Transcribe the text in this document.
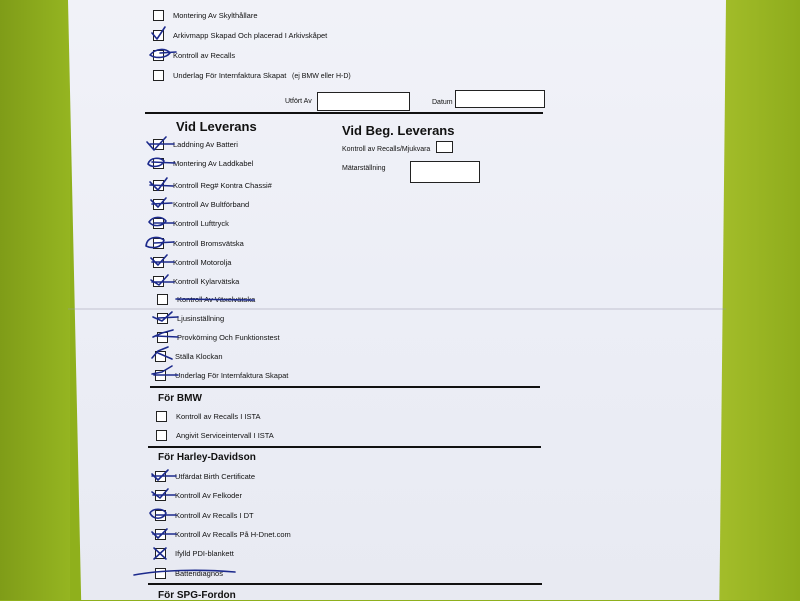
Montering Av Skylthållare
Arkivmapp Skapad Och placerad I Arkivskåpet
Kontroll av Recalls
Underlag För Internfaktura Skapat (ej BMW eller H-D)
Utfört Av	Datum
Vid Leverans	Vid Beg. Leverans
Laddning Av Batteri
Montering Av Laddkabel
Kontroll Reg# Kontra Chassi#
Kontroll Av Bultförband
Kontroll Lufttryck
Kontroll Bromsvätska
Kontroll Motorolja
Kontroll Kylarvätska
Kontroll Av Växelvätska
Ljusinställning
Provkörning Och Funktionstest
Ställa Klockan
Underlag För Internfaktura Skapat
Kontroll av Recalls/Mjukvara
Mätarställning
För BMW
Kontroll av Recalls I ISTA
Angivit Serviceintervall I ISTA
För Harley-Davidson
Utfärdat Birth Certificate
Kontroll Av Felkoder
Kontroll Av Recalls I DT
Kontroll Av Recalls På H-Dnet.com
Ifylld PDI-blankett
Batteridiagnos
För SPG-Fordon
